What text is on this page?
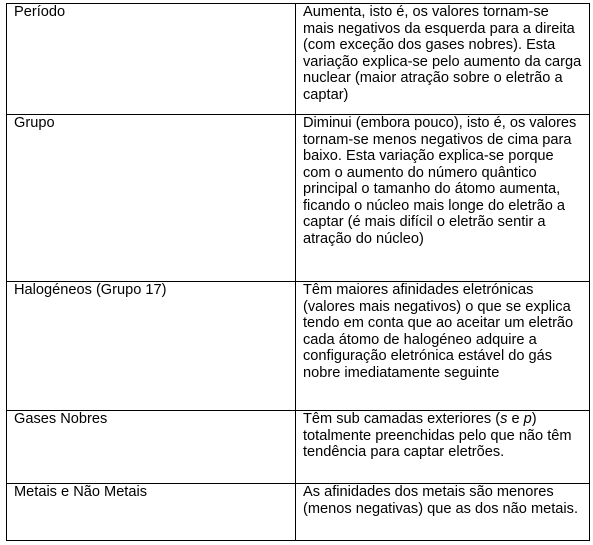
Período	Aumenta, isto é, os valores tornam-se mais negativos da esquerda para a direita (com exceção dos gases nobres). Esta variação explica-se pelo aumento da carga nuclear (maior atração sobre o eletrão a captar)
Grupo	Diminui (embora pouco), isto é, os valores tornam-se menos negativos de cima para baixo. Esta variação explica-se porque com o aumento do número quântico principal o tamanho do átomo aumenta, ficando o núcleo mais longe do eletrão a captar (é mais difícil o eletrão sentir a atração do núcleo)
Halogéneos (Grupo 17)	Têm maiores afinidades eletrónicas (valores mais negativos) o que se explica tendo em conta que ao aceitar um eletrão cada átomo de halogéneo adquire a configuração eletrónica estável do gás nobre imediatamente seguinte
Gases Nobres	Têm sub camadas exteriores (s e p) totalmente preenchidas pelo que não têm tendência para captar eletrões.
Metais e Não Metais	As afinidades dos metais são menores (menos negativas) que as dos não metais.
